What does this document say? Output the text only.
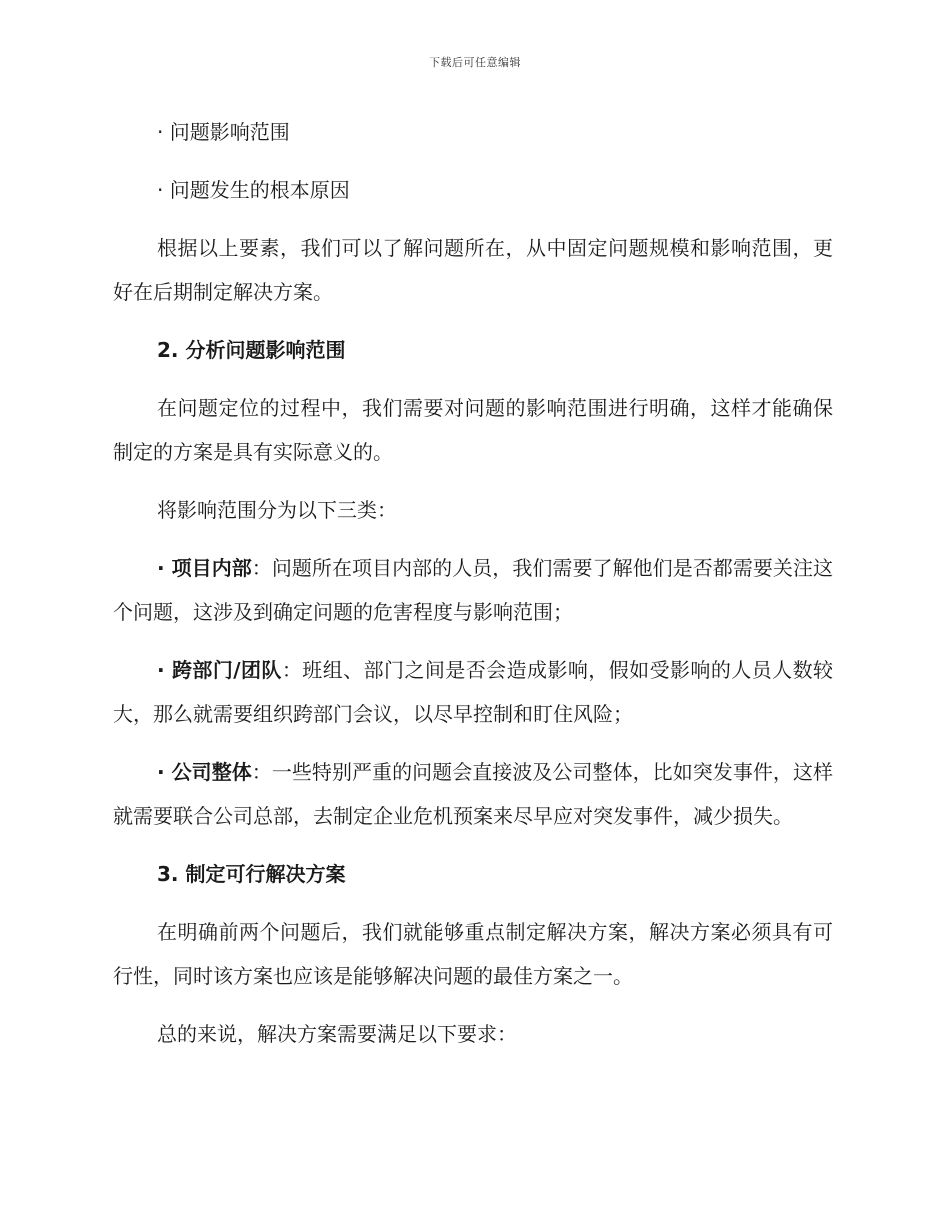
下载后可任意编辑

· 问题影响范围

· 问题发生的根本原因

根据以上要素，我们可以了解问题所在，从中固定问题规模和影响范围，更好在后期制定解决方案。

2. 分析问题影响范围

在问题定位的过程中，我们需要对问题的影响范围进行明确，这样才能确保制定的方案是具有实际意义的。

将影响范围分为以下三类：

· 项目内部：问题所在项目内部的人员，我们需要了解他们是否都需要关注这个问题，这涉及到确定问题的危害程度与影响范围；

· 跨部门/团队：班组、部门之间是否会造成影响，假如受影响的人员人数较大，那么就需要组织跨部门会议，以尽早控制和盯住风险；

· 公司整体：一些特别严重的问题会直接波及公司整体，比如突发事件，这样就需要联合公司总部，去制定企业危机预案来尽早应对突发事件，减少损失。

3. 制定可行解决方案

在明确前两个问题后，我们就能够重点制定解决方案，解决方案必须具有可行性，同时该方案也应该是能够解决问题的最佳方案之一。

总的来说，解决方案需要满足以下要求：
